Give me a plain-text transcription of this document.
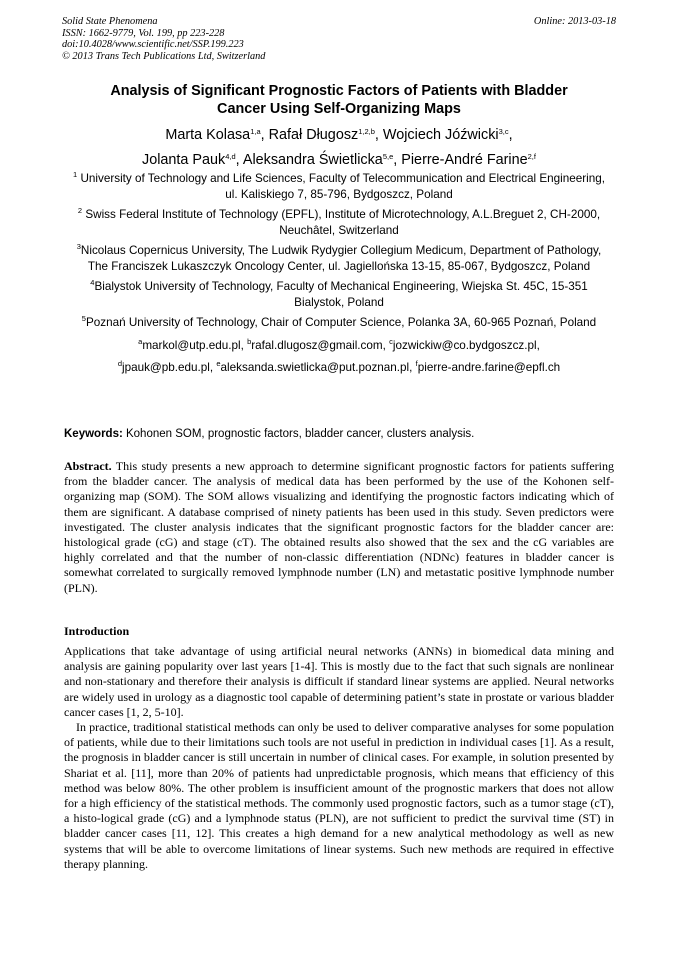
Solid State Phenomena
ISSN: 1662-9779, Vol. 199, pp 223-228
doi:10.4028/www.scientific.net/SSP.199.223
© 2013 Trans Tech Publications Ltd, Switzerland
Online: 2013-03-18
Analysis of Significant Prognostic Factors of Patients with Bladder
Cancer Using Self-Organizing Maps
Marta Kolasa$^{1,a}$, Rafał Długosz$^{1,2,b}$, Wojciech Jóźwicki$^{3,c}$,
Jolanta Pauk$^{4,d}$, Aleksandra Świetlicka$^{5,e}$, Pierre-André Farine$^{2,f}$
$^1$ University of Technology and Life Sciences, Faculty of Telecommunication and Electrical Engineering, ul. Kaliskiego 7, 85-796, Bydgoszcz, Poland
$^2$ Swiss Federal Institute of Technology (EPFL), Institute of Microtechnology, A.L.Breguet 2, CH-2000, Neuchâtel, Switzerland
$^3$Nicolaus Copernicus University, The Ludwik Rydygier Collegium Medicum, Department of Pathology, The Franciszek Lukaszczyk Oncology Center, ul. Jagiellońska 13-15, 85-067, Bydgoszcz, Poland
$^4$Bialystok University of Technology, Faculty of Mechanical Engineering, Wiejska St. 45C, 15-351 Bialystok, Poland
$^5$Poznań University of Technology, Chair of Computer Science, Polanka 3A, 60-965 Poznań, Poland
$^a$markol@utp.edu.pl, $^b$rafal.dlugosz@gmail.com, $^c$jozwickiw@co.bydgoszcz.pl,
$^d$jpauk@pb.edu.pl, $^e$aleksanda.swietlicka@put.poznan.pl, $^f$pierre-andre.farine@epfl.ch
Keywords: Kohonen SOM, prognostic factors, bladder cancer, clusters analysis.
Abstract. This study presents a new approach to determine significant prognostic factors for patients suffering from the bladder cancer. The analysis of medical data has been performed by the use of the Kohonen self-organizing map (SOM). The SOM allows visualizing and identifying the prognostic factors indicating which of them are significant. A database comprised of ninety patients has been used in this study. Seven predictors were investigated. The cluster analysis indicates that the significant prognostic factors for the bladder cancer are: histological grade (cG) and stage (cT). The obtained results also showed that the sex and the cG variables are highly correlated and that the number of non-classic differentiation (NDNc) features in bladder cancer is somewhat correlated to surgically removed lymphnode number (LN) and metastatic positive lymphnode number (PLN).
Introduction

Applications that take advantage of using artificial neural networks (ANNs) in biomedical data mining and analysis are gaining popularity over last years [1-4]. This is mostly due to the fact that such signals are nonlinear and non-stationary and therefore their analysis is difficult if standard linear systems are applied. Neural networks are widely used in urology as a diagnostic tool capable of determining patient’s state in prostate or various bladder cancer cases [1, 2, 5-10].

In practice, traditional statistical methods can only be used to deliver comparative analyses for some population of patients, while due to their limitations such tools are not useful in prediction in individual cases [1]. As a result, the prognosis in bladder cancer is still uncertain in number of clinical cases. For example, in solution presented by Shariat et al. [11], more than 20% of patients had unpredictable prognosis, which means that efficiency of this method was below 80%. The other problem is insufficient amount of the prognostic markers that does not allow for a high efficiency of the statistical methods. The commonly used prognostic factors, such as a tumor stage (cT), a histo-logical grade (cG) and a lymphnode status (PLN), are not sufficient to predict the survival time (ST) in bladder cancer cases [11, 12]. This creates a high demand for a new analytical methodology as well as new systems that will be able to overcome limitations of linear systems. Such new methods are required in effective therapy planning.
